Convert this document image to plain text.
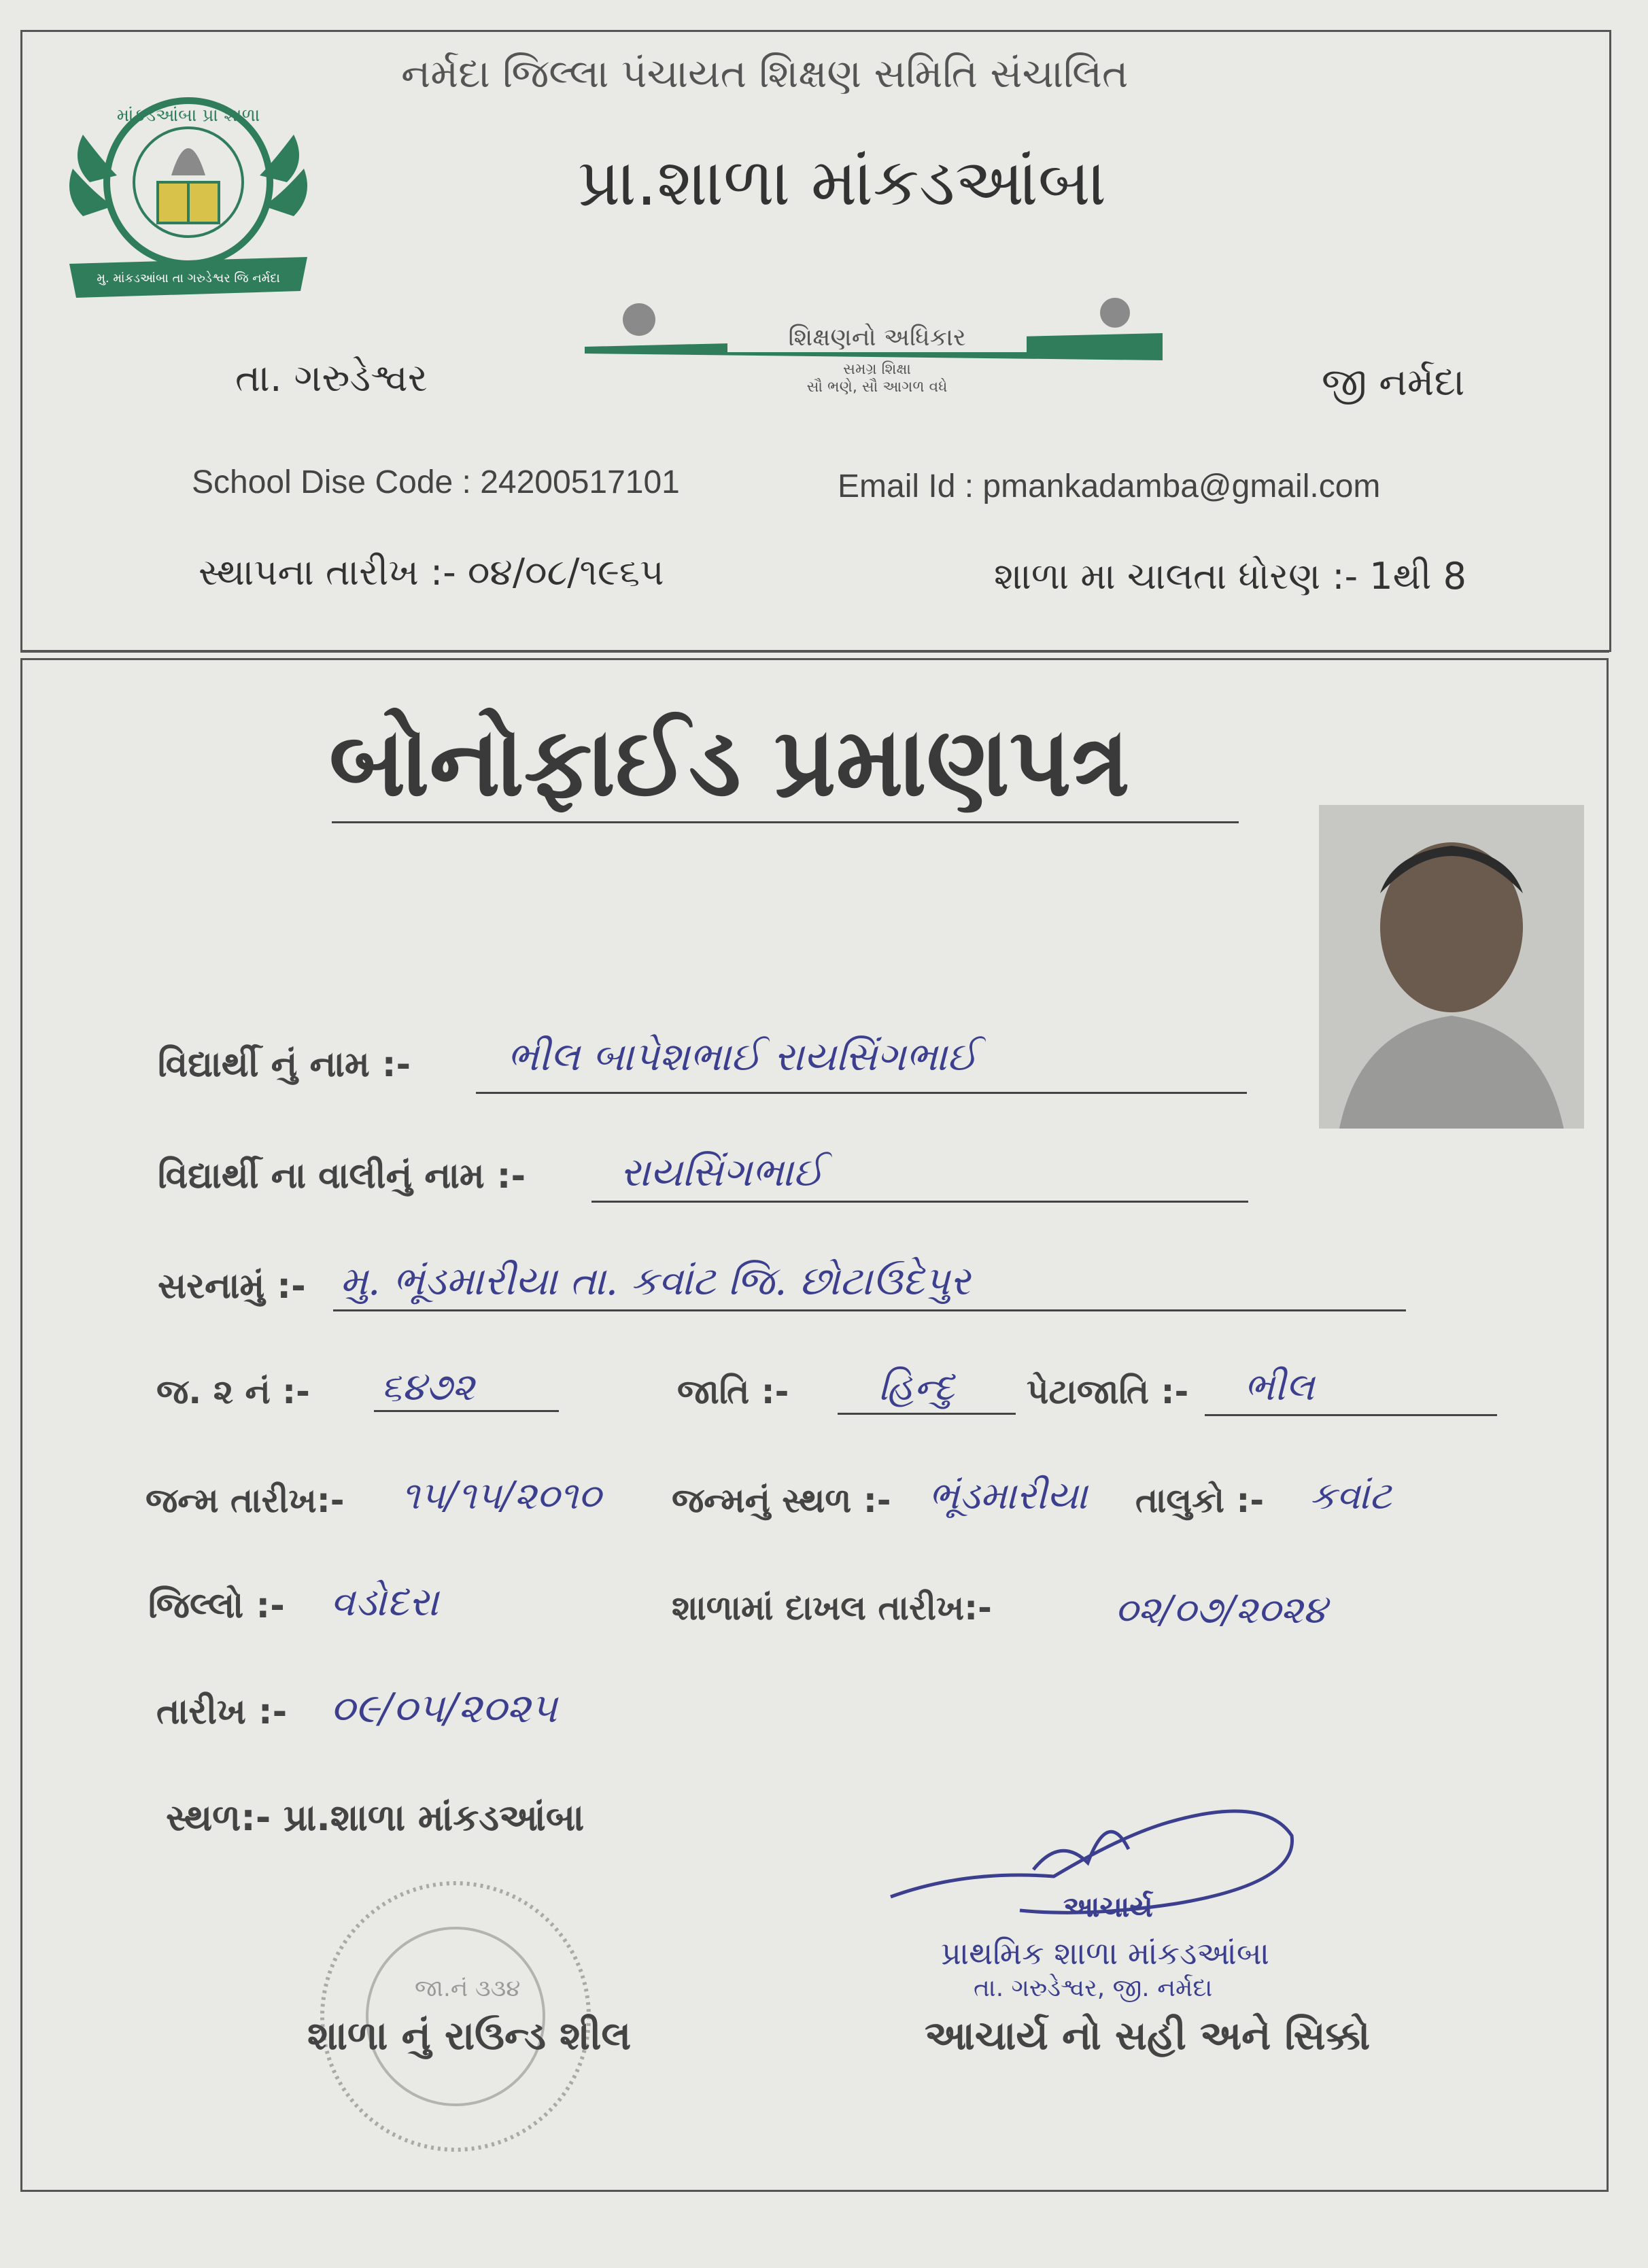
નર્મદા જિલ્લા પંચાયત શિક્ષણ સમિતિ સંચાલિત
માંકડઆંબા પ્રા શાળા
મુ. માંકડઆંબા તા ગરુડેશ્વર જિ નર્મદા
પ્રા.શાળા માંકડઆંબા
શિક્ષણનો અધિકાર
સમગ્ર શિક્ષા
સૌ ભણે, સૌ આગળ વધે
તા. ગરુડેશ્વર	જી નર્મદા
School Dise Code : 24200517101	Email Id : pmankadamba@gmail.com
સ્થાપના તારીખ :- ૦૪/૦૮/૧૯૬૫	શાળા મા ચાલતા ધોરણ :- 1થી 8
બોનોફાઈડ પ્રમાણપત્ર
વિદ્યાર્થી નું નામ :- ભીલ બાપેશભાઈ રાયસિંગભાઈ
વિદ્યાર્થી ના વાલીનું નામ :- રાયસિંગભાઈ
સરનામું :- મુ. ભૂંડમારીયા તા. કવાંટ જિ. છોટાઉદેપુર
જ. ૨ નં :- ૬૪૭૨	જાતિ :- હિન્દુ પેટાજાતિ :- ભીલ
જન્મ તારીખ:- ૧૫/૧૫/૨૦૧૦ જન્મનું સ્થળ :- ભૂંડમારીયા તાલુકો :- કવાંટ
જિલ્લો :- વડોદરા	શાળામાં દાખલ તારીખ:-	૦૨/૦૭/૨૦૨૪
તારીખ :- ૦૯/૦૫/૨૦૨૫
સ્થળ:- પ્રા.શાળા માંકડઆંબા
જા.નં ૩૩૪
શાળા નું રાઉન્ડ શીલ
આચાર્ય
પ્રાથમિક શાળા માંકડઆંબા
તા. ગરુડેશ્વર, જી. નર્મદા
આચાર્ય નો સહી અને સિક્કો
